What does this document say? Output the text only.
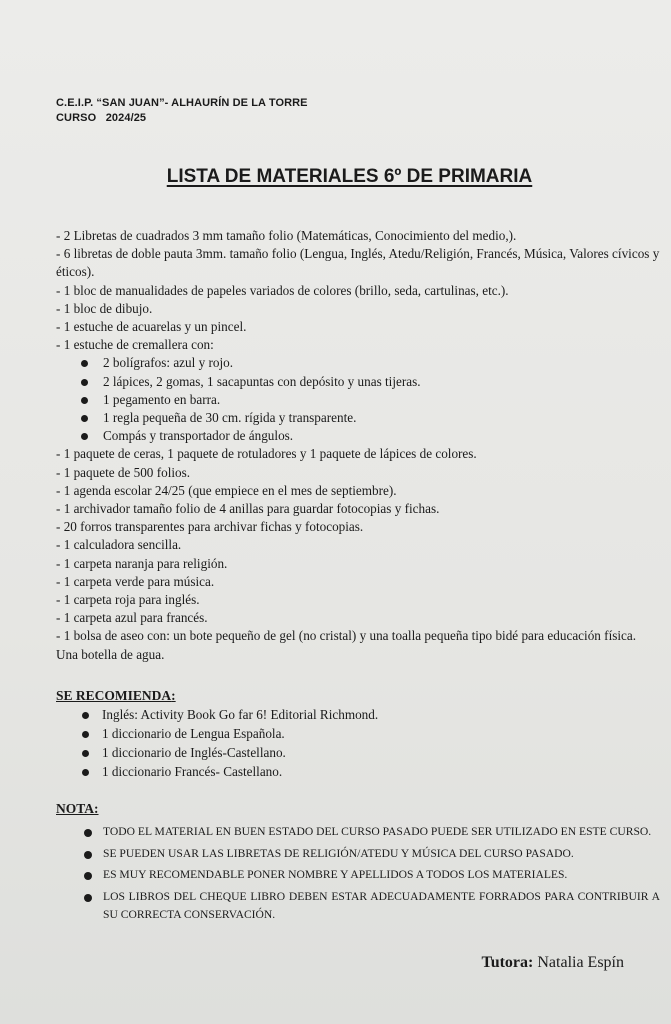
C.E.I.P. “SAN JUAN”- ALHAURÍN DE LA TORRE
CURSO   2024/25
LISTA DE MATERIALES 6º DE PRIMARIA

- 2 Libretas de cuadrados 3 mm tamaño folio (Matemáticas, Conocimiento del medio,).

- 6 libretas de doble pauta 3mm. tamaño folio (Lengua, Inglés, Atedu/Religión, Francés, Música, Valores cívicos y éticos).

- 1 bloc de manualidades de papeles variados de colores (brillo, seda, cartulinas, etc.).

- 1 bloc de dibujo.

- 1 estuche de acuarelas y un pincel.

- 1 estuche de cremallera con:

2 bolígrafos: azul y rojo.
2 lápices, 2 gomas, 1 sacapuntas con depósito y unas tijeras.
1 pegamento en barra.
1 regla pequeña de 30 cm. rígida y transparente.
Compás y transportador de ángulos.

- 1 paquete de ceras, 1 paquete de rotuladores y 1 paquete de lápices de colores.

- 1 paquete de 500 folios.

- 1 agenda escolar 24/25 (que empiece en el mes de septiembre).

- 1 archivador tamaño folio de 4 anillas para guardar fotocopias y fichas.

- 20 forros transparentes para archivar fichas y fotocopias.

- 1 calculadora sencilla.

- 1 carpeta naranja para religión.

- 1 carpeta verde para música.

- 1 carpeta roja para inglés.

- 1 carpeta azul para francés.

- 1 bolsa de aseo con: un bote pequeño de gel (no cristal) y una toalla pequeña tipo bidé para educación física. Una botella de agua.

SE RECOMIENDA:

Inglés: Activity Book Go far 6! Editorial Richmond.
1 diccionario de Lengua Española.
1 diccionario de Inglés-Castellano.
1 diccionario Francés- Castellano.

NOTA:

TODO EL MATERIAL EN BUEN ESTADO DEL CURSO PASADO PUEDE SER UTILIZADO EN ESTE CURSO.
SE PUEDEN USAR LAS LIBRETAS DE RELIGIÓN/ATEDU Y MÚSICA DEL CURSO PASADO.
ES MUY RECOMENDABLE PONER NOMBRE Y APELLIDOS A TODOS LOS MATERIALES.
LOS LIBROS DEL CHEQUE LIBRO DEBEN ESTAR ADECUADAMENTE FORRADOS PARA CONTRIBUIR A SU CORRECTA CONSERVACIÓN.
Tutora: Natalia Espín
